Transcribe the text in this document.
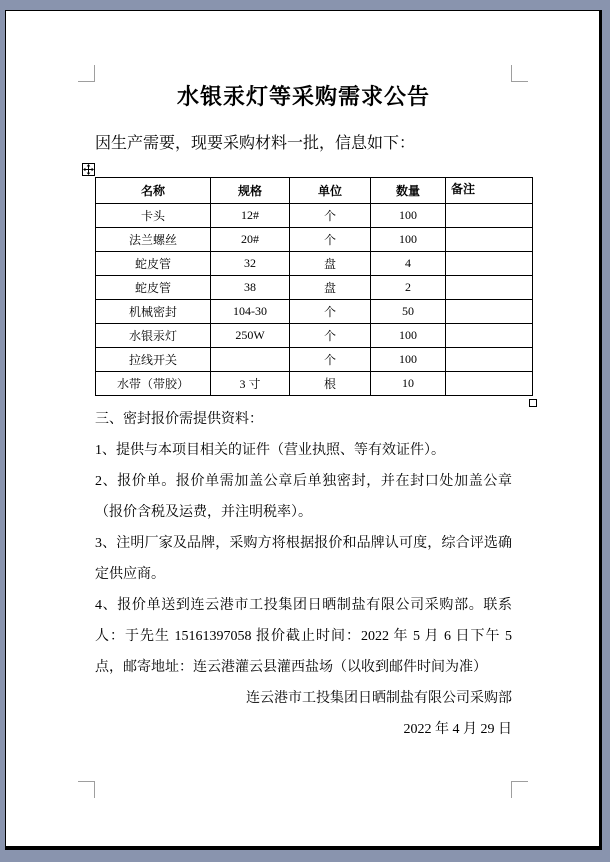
水银汞灯等采购需求公告

因生产需要，现要采购材料一批，信息如下：

名称	规格	单位	数量	备注
卡头	12#	个	100	
法兰螺丝	20#	个	100	
蛇皮管	32	盘	4	
蛇皮管	38	盘	2	
机械密封	104-30	个	50	
水银汞灯	250W	个	100	
拉线开关		个	100	
水带（带胶）	3 寸	根	10	

三、密封报价需提供资料：

1、提供与本项目相关的证件（营业执照、等有效证件）。

2、报价单。报价单需加盖公章后单独密封，并在封口处加盖公章（报价含税及运费，并注明税率）。

3、注明厂家及品牌，采购方将根据报价和品牌认可度，综合评选确定供应商。

4、报价单送到连云港市工投集团日晒制盐有限公司采购部。联系人：于先生 15161397058 报价截止时间：2022 年 5 月 6 日下午 5 点，邮寄地址：连云港灌云县灌西盐场（以收到邮件时间为准）

连云港市工投集团日晒制盐有限公司采购部

2022 年 4 月 29 日
